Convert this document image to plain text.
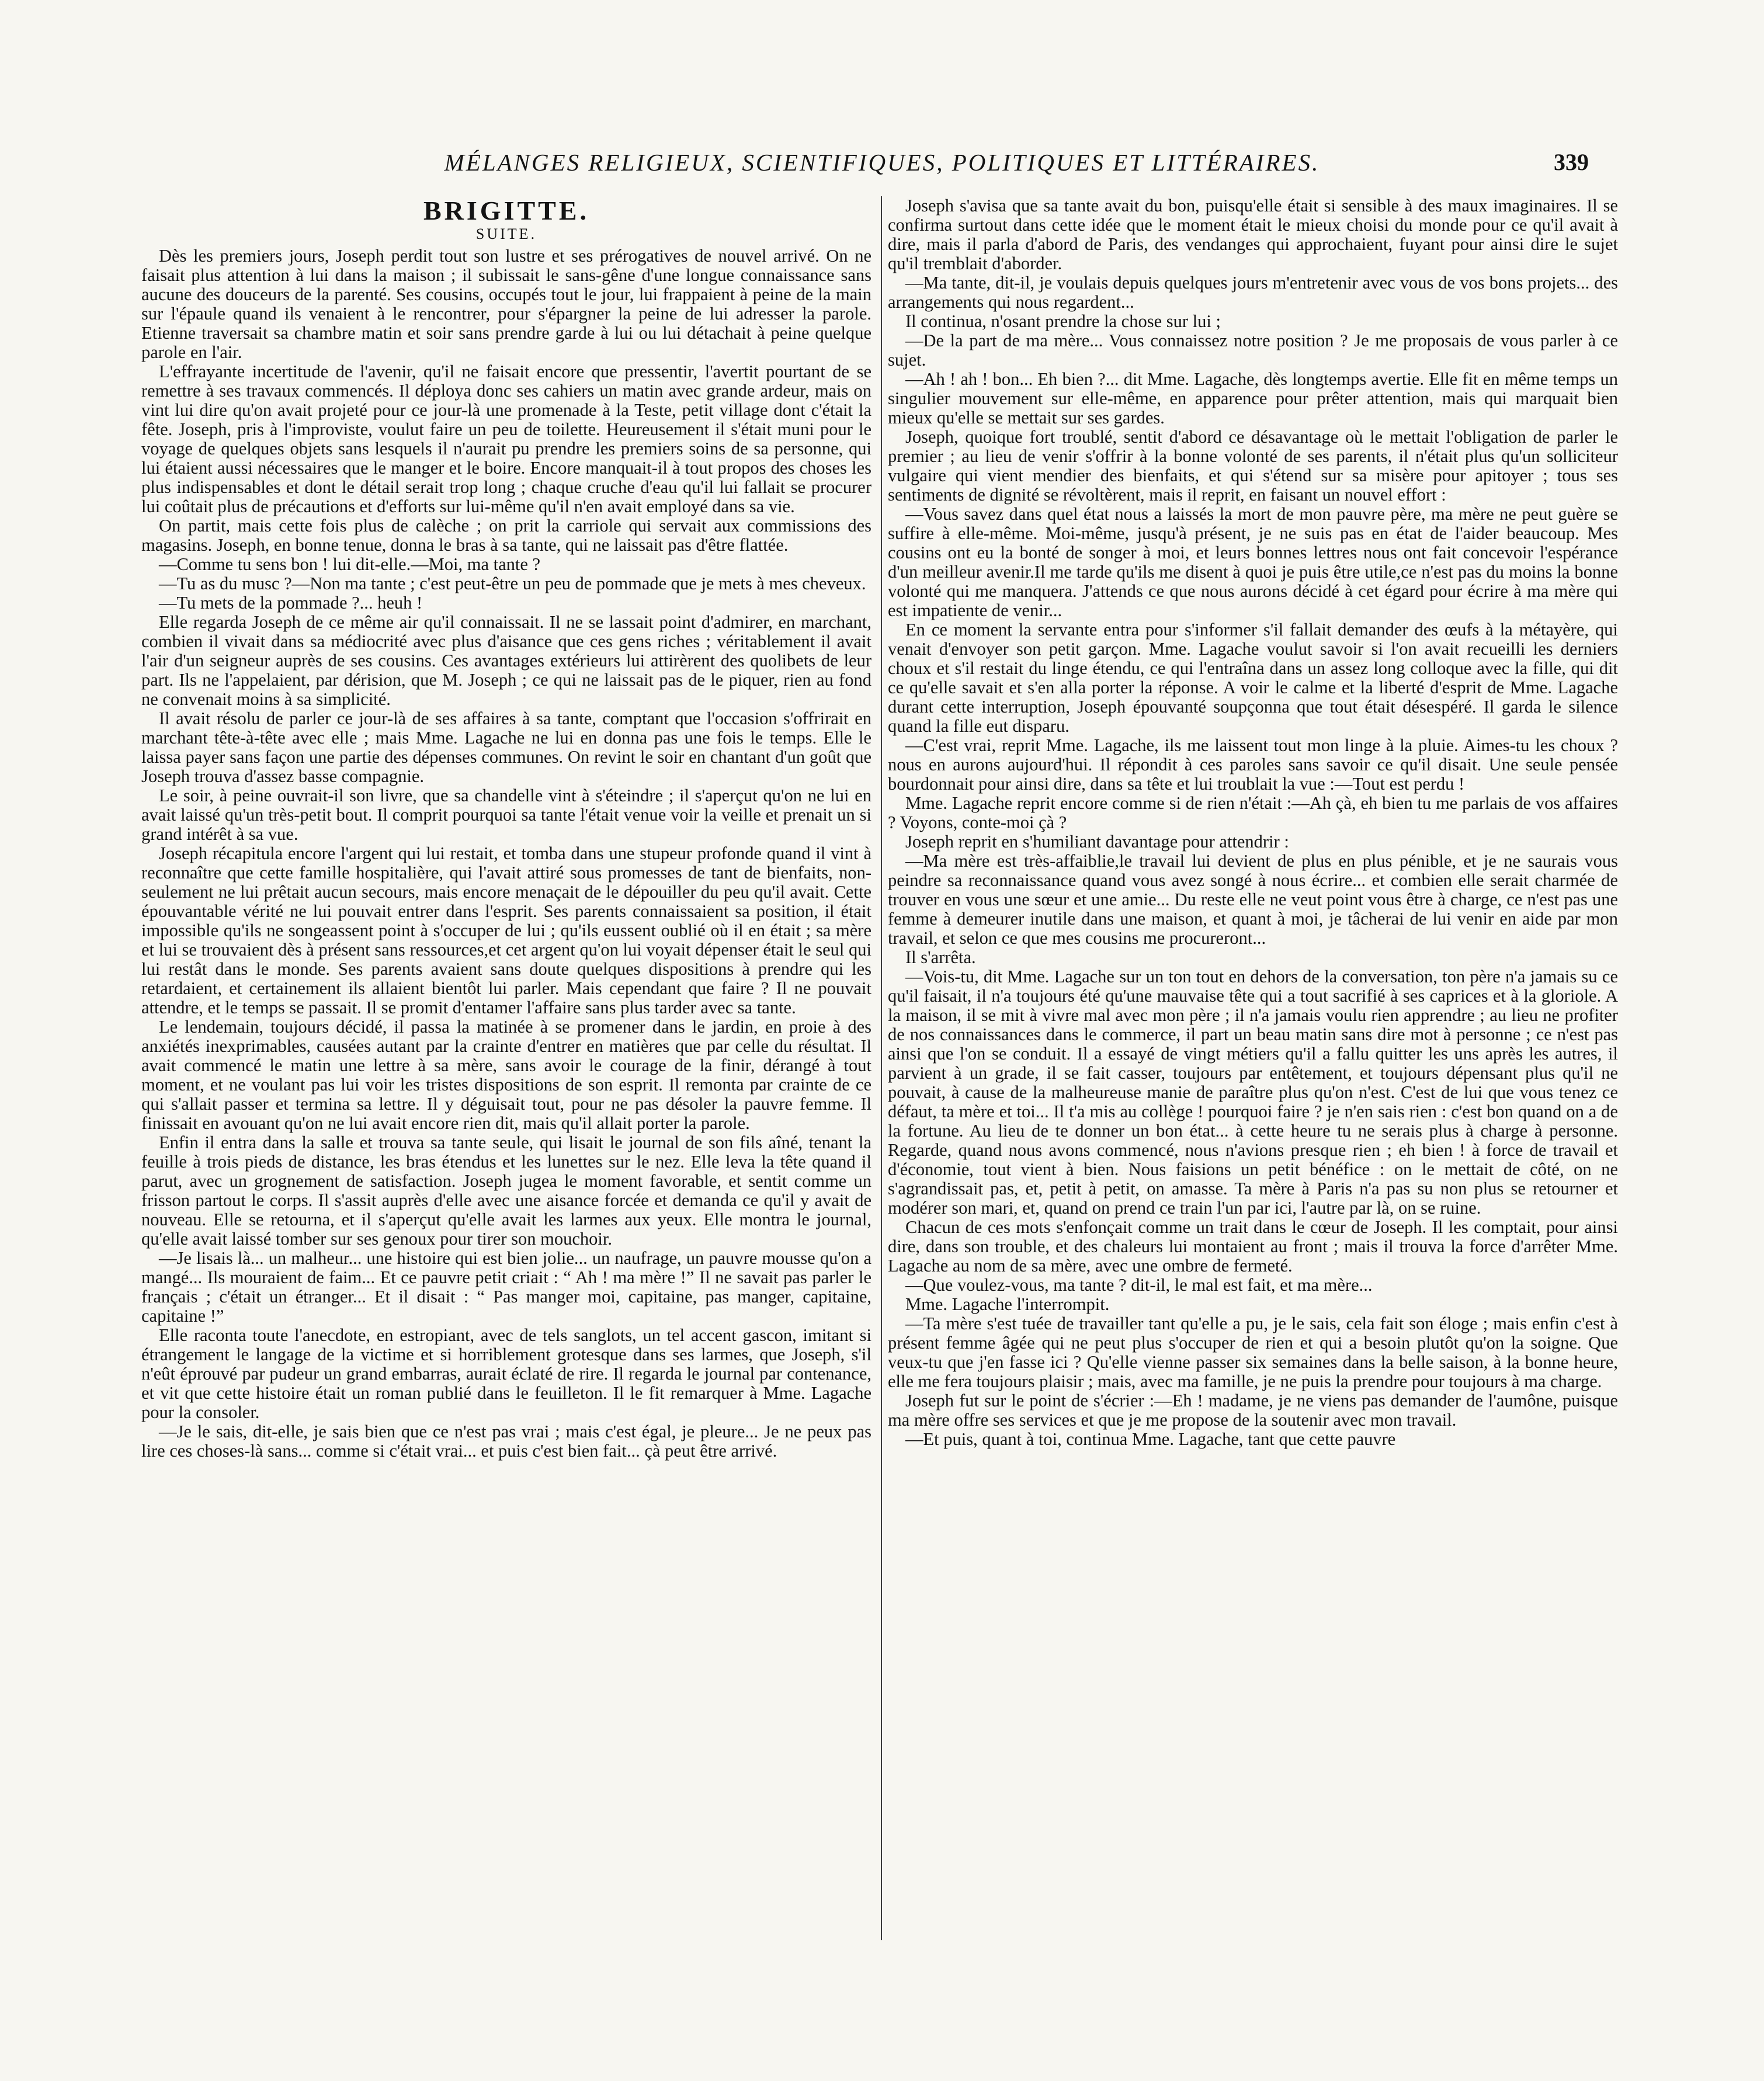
MÉLANGES RELIGIEUX, SCIENTIFIQUES, POLITIQUES ET LITTÉRAIRES.	339
BRIGITTE.
SUITE.

Dès les premiers jours, Joseph perdit tout son lustre et ses prérogatives de nouvel arrivé. On ne faisait plus attention à lui dans la maison ; il subissait le sans-gêne d'une longue connaissance sans aucune des douceurs de la parenté. Ses cousins, occupés tout le jour, lui frappaient à peine de la main sur l'épaule quand ils venaient à le rencontrer, pour s'épargner la peine de lui adresser la parole. Etienne traversait sa chambre matin et soir sans prendre garde à lui ou lui détachait à peine quelque parole en l'air.

L'effrayante incertitude de l'avenir, qu'il ne faisait encore que pressentir, l'avertit pourtant de se remettre à ses travaux commencés. Il déploya donc ses cahiers un matin avec grande ardeur, mais on vint lui dire qu'on avait projeté pour ce jour-là une promenade à la Teste, petit village dont c'était la fête. Joseph, pris à l'improviste, voulut faire un peu de toilette. Heureusement il s'était muni pour le voyage de quelques objets sans lesquels il n'aurait pu prendre les premiers soins de sa personne, qui lui étaient aussi nécessaires que le manger et le boire. Encore manquait-il à tout propos des choses les plus indispensables et dont le détail serait trop long ; chaque cruche d'eau qu'il lui fallait se procurer lui coûtait plus de précautions et d'efforts sur lui-même qu'il n'en avait employé dans sa vie.

On partit, mais cette fois plus de calèche ; on prit la carriole qui servait aux commissions des magasins. Joseph, en bonne tenue, donna le bras à sa tante, qui ne laissait pas d'être flattée.

—Comme tu sens bon ! lui dit-elle.—Moi, ma tante ?

—Tu as du musc ?—Non ma tante ; c'est peut-être un peu de pommade que je mets à mes cheveux.

—Tu mets de la pommade ?... heuh !

Elle regarda Joseph de ce même air qu'il connaissait. Il ne se lassait point d'admirer, en marchant, combien il vivait dans sa médiocrité avec plus d'aisance que ces gens riches ; véritablement il avait l'air d'un seigneur auprès de ses cousins. Ces avantages extérieurs lui attirèrent des quolibets de leur part. Ils ne l'appelaient, par dérision, que M. Joseph ; ce qui ne laissait pas de le piquer, rien au fond ne convenait moins à sa simplicité.

Il avait résolu de parler ce jour-là de ses affaires à sa tante, comptant que l'occasion s'offrirait en marchant tête-à-tête avec elle ; mais Mme. Lagache ne lui en donna pas une fois le temps. Elle le laissa payer sans façon une partie des dépenses communes. On revint le soir en chantant d'un goût que Joseph trouva d'assez basse compagnie.

Le soir, à peine ouvrait-il son livre, que sa chandelle vint à s'éteindre ; il s'aperçut qu'on ne lui en avait laissé qu'un très-petit bout. Il comprit pourquoi sa tante l'était venue voir la veille et prenait un si grand intérêt à sa vue.

Joseph récapitula encore l'argent qui lui restait, et tomba dans une stupeur profonde quand il vint à reconnaître que cette famille hospitalière, qui l'avait attiré sous promesses de tant de bienfaits, non-seulement ne lui prêtait aucun secours, mais encore menaçait de le dépouiller du peu qu'il avait. Cette épouvantable vérité ne lui pouvait entrer dans l'esprit. Ses parents connaissaient sa position, il était impossible qu'ils ne songeassent point à s'occuper de lui ; qu'ils eussent oublié où il en était ; sa mère et lui se trouvaient dès à présent sans ressources,et cet argent qu'on lui voyait dépenser était le seul qui lui restât dans le monde. Ses parents avaient sans doute quelques dispositions à prendre qui les retardaient, et certainement ils allaient bientôt lui parler. Mais cependant que faire ? Il ne pouvait attendre, et le temps se passait. Il se promit d'entamer l'affaire sans plus tarder avec sa tante.

Le lendemain, toujours décidé, il passa la matinée à se promener dans le jardin, en proie à des anxiétés inexprimables, causées autant par la crainte d'entrer en matières que par celle du résultat. Il avait commencé le matin une lettre à sa mère, sans avoir le courage de la finir, dérangé à tout moment, et ne voulant pas lui voir les tristes dispositions de son esprit. Il remonta par crainte de ce qui s'allait passer et termina sa lettre. Il y déguisait tout, pour ne pas désoler la pauvre femme. Il finissait en avouant qu'on ne lui avait encore rien dit, mais qu'il allait porter la parole.

Enfin il entra dans la salle et trouva sa tante seule, qui lisait le journal de son fils aîné, tenant la feuille à trois pieds de distance, les bras étendus et les lunettes sur le nez. Elle leva la tête quand il parut, avec un grognement de satisfaction. Joseph jugea le moment favorable, et sentit comme un frisson partout le corps. Il s'assit auprès d'elle avec une aisance forcée et demanda ce qu'il y avait de nouveau. Elle se retourna, et il s'aperçut qu'elle avait les larmes aux yeux. Elle montra le journal, qu'elle avait laissé tomber sur ses genoux pour tirer son mouchoir.

—Je lisais là... un malheur... une histoire qui est bien jolie... un naufrage, un pauvre mousse qu'on a mangé... Ils mouraient de faim... Et ce pauvre petit criait : “ Ah ! ma mère !” Il ne savait pas parler le français ; c'était un étranger... Et il disait : “ Pas manger moi, capitaine, pas manger, capitaine, capitaine !”

Elle raconta toute l'anecdote, en estropiant, avec de tels sanglots, un tel accent gascon, imitant si étrangement le langage de la victime et si horriblement grotesque dans ses larmes, que Joseph, s'il n'eût éprouvé par pudeur un grand embarras, aurait éclaté de rire. Il regarda le journal par contenance, et vit que cette histoire était un roman publié dans le feuilleton. Il le fit remarquer à Mme. Lagache pour la consoler.

—Je le sais, dit-elle, je sais bien que ce n'est pas vrai ; mais c'est égal, je pleure... Je ne peux pas lire ces choses-là sans... comme si c'était vrai... et puis c'est bien fait... çà peut être arrivé.

Joseph s'avisa que sa tante avait du bon, puisqu'elle était si sensible à des maux imaginaires. Il se confirma surtout dans cette idée que le moment était le mieux choisi du monde pour ce qu'il avait à dire, mais il parla d'abord de Paris, des vendanges qui approchaient, fuyant pour ainsi dire le sujet qu'il tremblait d'aborder.

—Ma tante, dit-il, je voulais depuis quelques jours m'entretenir avec vous de vos bons projets... des arrangements qui nous regardent...

Il continua, n'osant prendre la chose sur lui ;

—De la part de ma mère... Vous connaissez notre position ? Je me proposais de vous parler à ce sujet.

—Ah ! ah ! bon... Eh bien ?... dit Mme. Lagache, dès longtemps avertie. Elle fit en même temps un singulier mouvement sur elle-même, en apparence pour prêter attention, mais qui marquait bien mieux qu'elle se mettait sur ses gardes.

Joseph, quoique fort troublé, sentit d'abord ce désavantage où le mettait l'obligation de parler le premier ; au lieu de venir s'offrir à la bonne volonté de ses parents, il n'était plus qu'un solliciteur vulgaire qui vient mendier des bienfaits, et qui s'étend sur sa misère pour apitoyer ; tous ses sentiments de dignité se révoltèrent, mais il reprit, en faisant un nouvel effort :

—Vous savez dans quel état nous a laissés la mort de mon pauvre père, ma mère ne peut guère se suffire à elle-même. Moi-même, jusqu'à présent, je ne suis pas en état de l'aider beaucoup. Mes cousins ont eu la bonté de songer à moi, et leurs bonnes lettres nous ont fait concevoir l'espérance d'un meilleur avenir.Il me tarde qu'ils me disent à quoi je puis être utile,ce n'est pas du moins la bonne volonté qui me manquera. J'attends ce que nous aurons décidé à cet égard pour écrire à ma mère qui est impatiente de venir...

En ce moment la servante entra pour s'informer s'il fallait demander des œufs à la métayère, qui venait d'envoyer son petit garçon. Mme. Lagache voulut savoir si l'on avait recueilli les derniers choux et s'il restait du linge étendu, ce qui l'entraîna dans un assez long colloque avec la fille, qui dit ce qu'elle savait et s'en alla porter la réponse. A voir le calme et la liberté d'esprit de Mme. Lagache durant cette interruption, Joseph épouvanté soupçonna que tout était désespéré. Il garda le silence quand la fille eut disparu.

—C'est vrai, reprit Mme. Lagache, ils me laissent tout mon linge à la pluie. Aimes-tu les choux ? nous en aurons aujourd'hui. Il répondit à ces paroles sans savoir ce qu'il disait. Une seule pensée bourdonnait pour ainsi dire, dans sa tête et lui troublait la vue :—Tout est perdu !

Mme. Lagache reprit encore comme si de rien n'était :—Ah çà, eh bien tu me parlais de vos affaires ? Voyons, conte-moi çà ?

Joseph reprit en s'humiliant davantage pour attendrir :

—Ma mère est très-affaiblie,le travail lui devient de plus en plus pénible, et je ne saurais vous peindre sa reconnaissance quand vous avez songé à nous écrire... et combien elle serait charmée de trouver en vous une sœur et une amie... Du reste elle ne veut point vous être à charge, ce n'est pas une femme à demeurer inutile dans une maison, et quant à moi, je tâcherai de lui venir en aide par mon travail, et selon ce que mes cousins me procureront...

Il s'arrêta.

—Vois-tu, dit Mme. Lagache sur un ton tout en dehors de la conversation, ton père n'a jamais su ce qu'il faisait, il n'a toujours été qu'une mauvaise tête qui a tout sacrifié à ses caprices et à la gloriole. A la maison, il se mit à vivre mal avec mon père ; il n'a jamais voulu rien apprendre ; au lieu ne profiter de nos connaissances dans le commerce, il part un beau matin sans dire mot à personne ; ce n'est pas ainsi que l'on se conduit. Il a essayé de vingt métiers qu'il a fallu quitter les uns après les autres, il parvient à un grade, il se fait casser, toujours par entêtement, et toujours dépensant plus qu'il ne pouvait, à cause de la malheureuse manie de paraître plus qu'on n'est. C'est de lui que vous tenez ce défaut, ta mère et toi... Il t'a mis au collège ! pourquoi faire ? je n'en sais rien : c'est bon quand on a de la fortune. Au lieu de te donner un bon état... à cette heure tu ne serais plus à charge à personne. Regarde, quand nous avons commencé, nous n'avions presque rien ; eh bien ! à force de travail et d'économie, tout vient à bien. Nous faisions un petit bénéfice : on le mettait de côté, on ne s'agrandissait pas, et, petit à petit, on amasse. Ta mère à Paris n'a pas su non plus se retourner et modérer son mari, et, quand on prend ce train l'un par ici, l'autre par là, on se ruine.

Chacun de ces mots s'enfonçait comme un trait dans le cœur de Joseph. Il les comptait, pour ainsi dire, dans son trouble, et des chaleurs lui montaient au front ; mais il trouva la force d'arrêter Mme. Lagache au nom de sa mère, avec une ombre de fermeté.

—Que voulez-vous, ma tante ? dit-il, le mal est fait, et ma mère...

Mme. Lagache l'interrompit.

—Ta mère s'est tuée de travailler tant qu'elle a pu, je le sais, cela fait son éloge ; mais enfin c'est à présent femme âgée qui ne peut plus s'occuper de rien et qui a besoin plutôt qu'on la soigne. Que veux-tu que j'en fasse ici ? Qu'elle vienne passer six semaines dans la belle saison, à la bonne heure, elle me fera toujours plaisir ; mais, avec ma famille, je ne puis la prendre pour toujours à ma charge.

Joseph fut sur le point de s'écrier :—Eh ! madame, je ne viens pas demander de l'aumône, puisque ma mère offre ses services et que je me propose de la soutenir avec mon travail.

—Et puis, quant à toi, continua Mme. Lagache, tant que cette pauvre
